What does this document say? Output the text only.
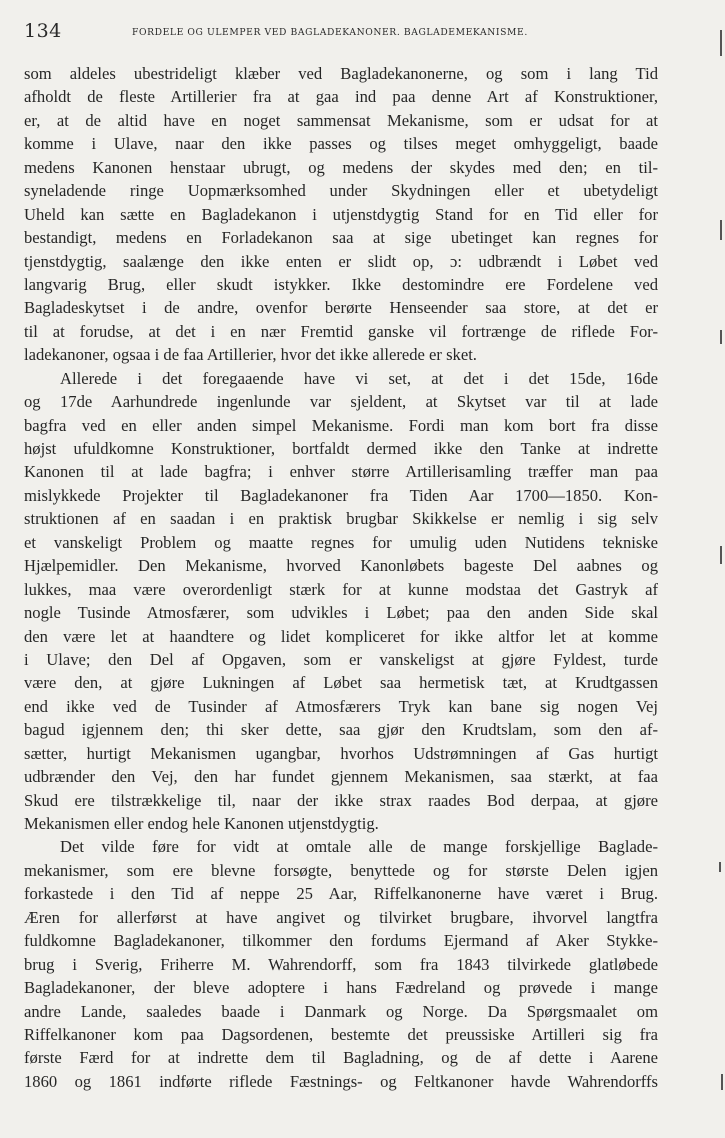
134	FORDELE OG ULEMPER VED BAGLADEKANONER. BAGLADEMEKANISME.
som aldeles ubestrideligt klæber ved Bagladekanonerne, og som i lang Tid
afholdt de fleste Artillerier fra at gaa ind paa denne Art af Konstruktioner,
er, at de altid have en noget sammensat Mekanisme, som er udsat for at
komme i Ulave, naar den ikke passes og tilses meget omhyggeligt, baade
medens Kanonen henstaar ubrugt, og medens der skydes med den; en til-
syneladende ringe Uopmærksomhed under Skydningen eller et ubetydeligt
Uheld kan sætte en Bagladekanon i utjenstdygtig Stand for en Tid eller for
bestandigt, medens en Forladekanon saa at sige ubetinget kan regnes for
tjenstdygtig, saalænge den ikke enten er slidt op, ɔ: udbrændt i Løbet ved
langvarig Brug, eller skudt istykker. Ikke destomindre ere Fordelene ved
Bagladeskytset i de andre, ovenfor berørte Henseender saa store, at det er
til at forudse, at det i en nær Fremtid ganske vil fortrænge de riflede For-
ladekanoner, ogsaa i de faa Artillerier, hvor det ikke allerede er sket.
Allerede i det foregaaende have vi set, at det i det 15de, 16de
og 17de Aarhundrede ingenlunde var sjeldent, at Skytset var til at lade
bagfra ved en eller anden simpel Mekanisme. Fordi man kom bort fra disse
højst ufuldkomne Konstruktioner, bortfaldt dermed ikke den Tanke at indrette
Kanonen til at lade bagfra; i enhver større Artillerisamling træffer man paa
mislykkede Projekter til Bagladekanoner fra Tiden Aar 1700—1850. Kon-
struktionen af en saadan i en praktisk brugbar Skikkelse er nemlig i sig selv
et vanskeligt Problem og maatte regnes for umulig uden Nutidens tekniske
Hjælpemidler. Den Mekanisme, hvorved Kanonløbets bageste Del aabnes og
lukkes, maa være overordenligt stærk for at kunne modstaa det Gastryk af
nogle Tusinde Atmosfærer, som udvikles i Løbet; paa den anden Side skal
den være let at haandtere og lidet kompliceret for ikke altfor let at komme
i Ulave; den Del af Opgaven, som er vanskeligst at gjøre Fyldest, turde
være den, at gjøre Lukningen af Løbet saa hermetisk tæt, at Krudtgassen
end ikke ved de Tusinder af Atmosfærers Tryk kan bane sig nogen Vej
bagud igjennem den; thi sker dette, saa gjør den Krudtslam, som den af-
sætter, hurtigt Mekanismen ugangbar, hvorhos Udstrømningen af Gas hurtigt
udbrænder den Vej, den har fundet gjennem Mekanismen, saa stærkt, at faa
Skud ere tilstrækkelige til, naar der ikke strax raades Bod derpaa, at gjøre
Mekanismen eller endog hele Kanonen utjenstdygtig.
Det vilde føre for vidt at omtale alle de mange forskjellige Baglade-
mekanismer, som ere blevne forsøgte, benyttede og for største Delen igjen
forkastede i den Tid af neppe 25 Aar, Riffelkanonerne have været i Brug.
Æren for allerførst at have angivet og tilvirket brugbare, ihvorvel langtfra
fuldkomne Bagladekanoner, tilkommer den fordums Ejermand af Aker Stykke-
brug i Sverig, Friherre M. Wahrendorff, som fra 1843 tilvirkede glatløbede
Bagladekanoner, der bleve adoptere i hans Fædreland og prøvede i mange
andre Lande, saaledes baade i Danmark og Norge. Da Spørgsmaalet om
Riffelkanoner kom paa Dagsordenen, bestemte det preussiske Artilleri sig fra
første Færd for at indrette dem til Bagladning, og de af dette i Aarene
1860 og 1861 indførte riflede Fæstnings- og Feltkanoner havde Wahrendorffs
